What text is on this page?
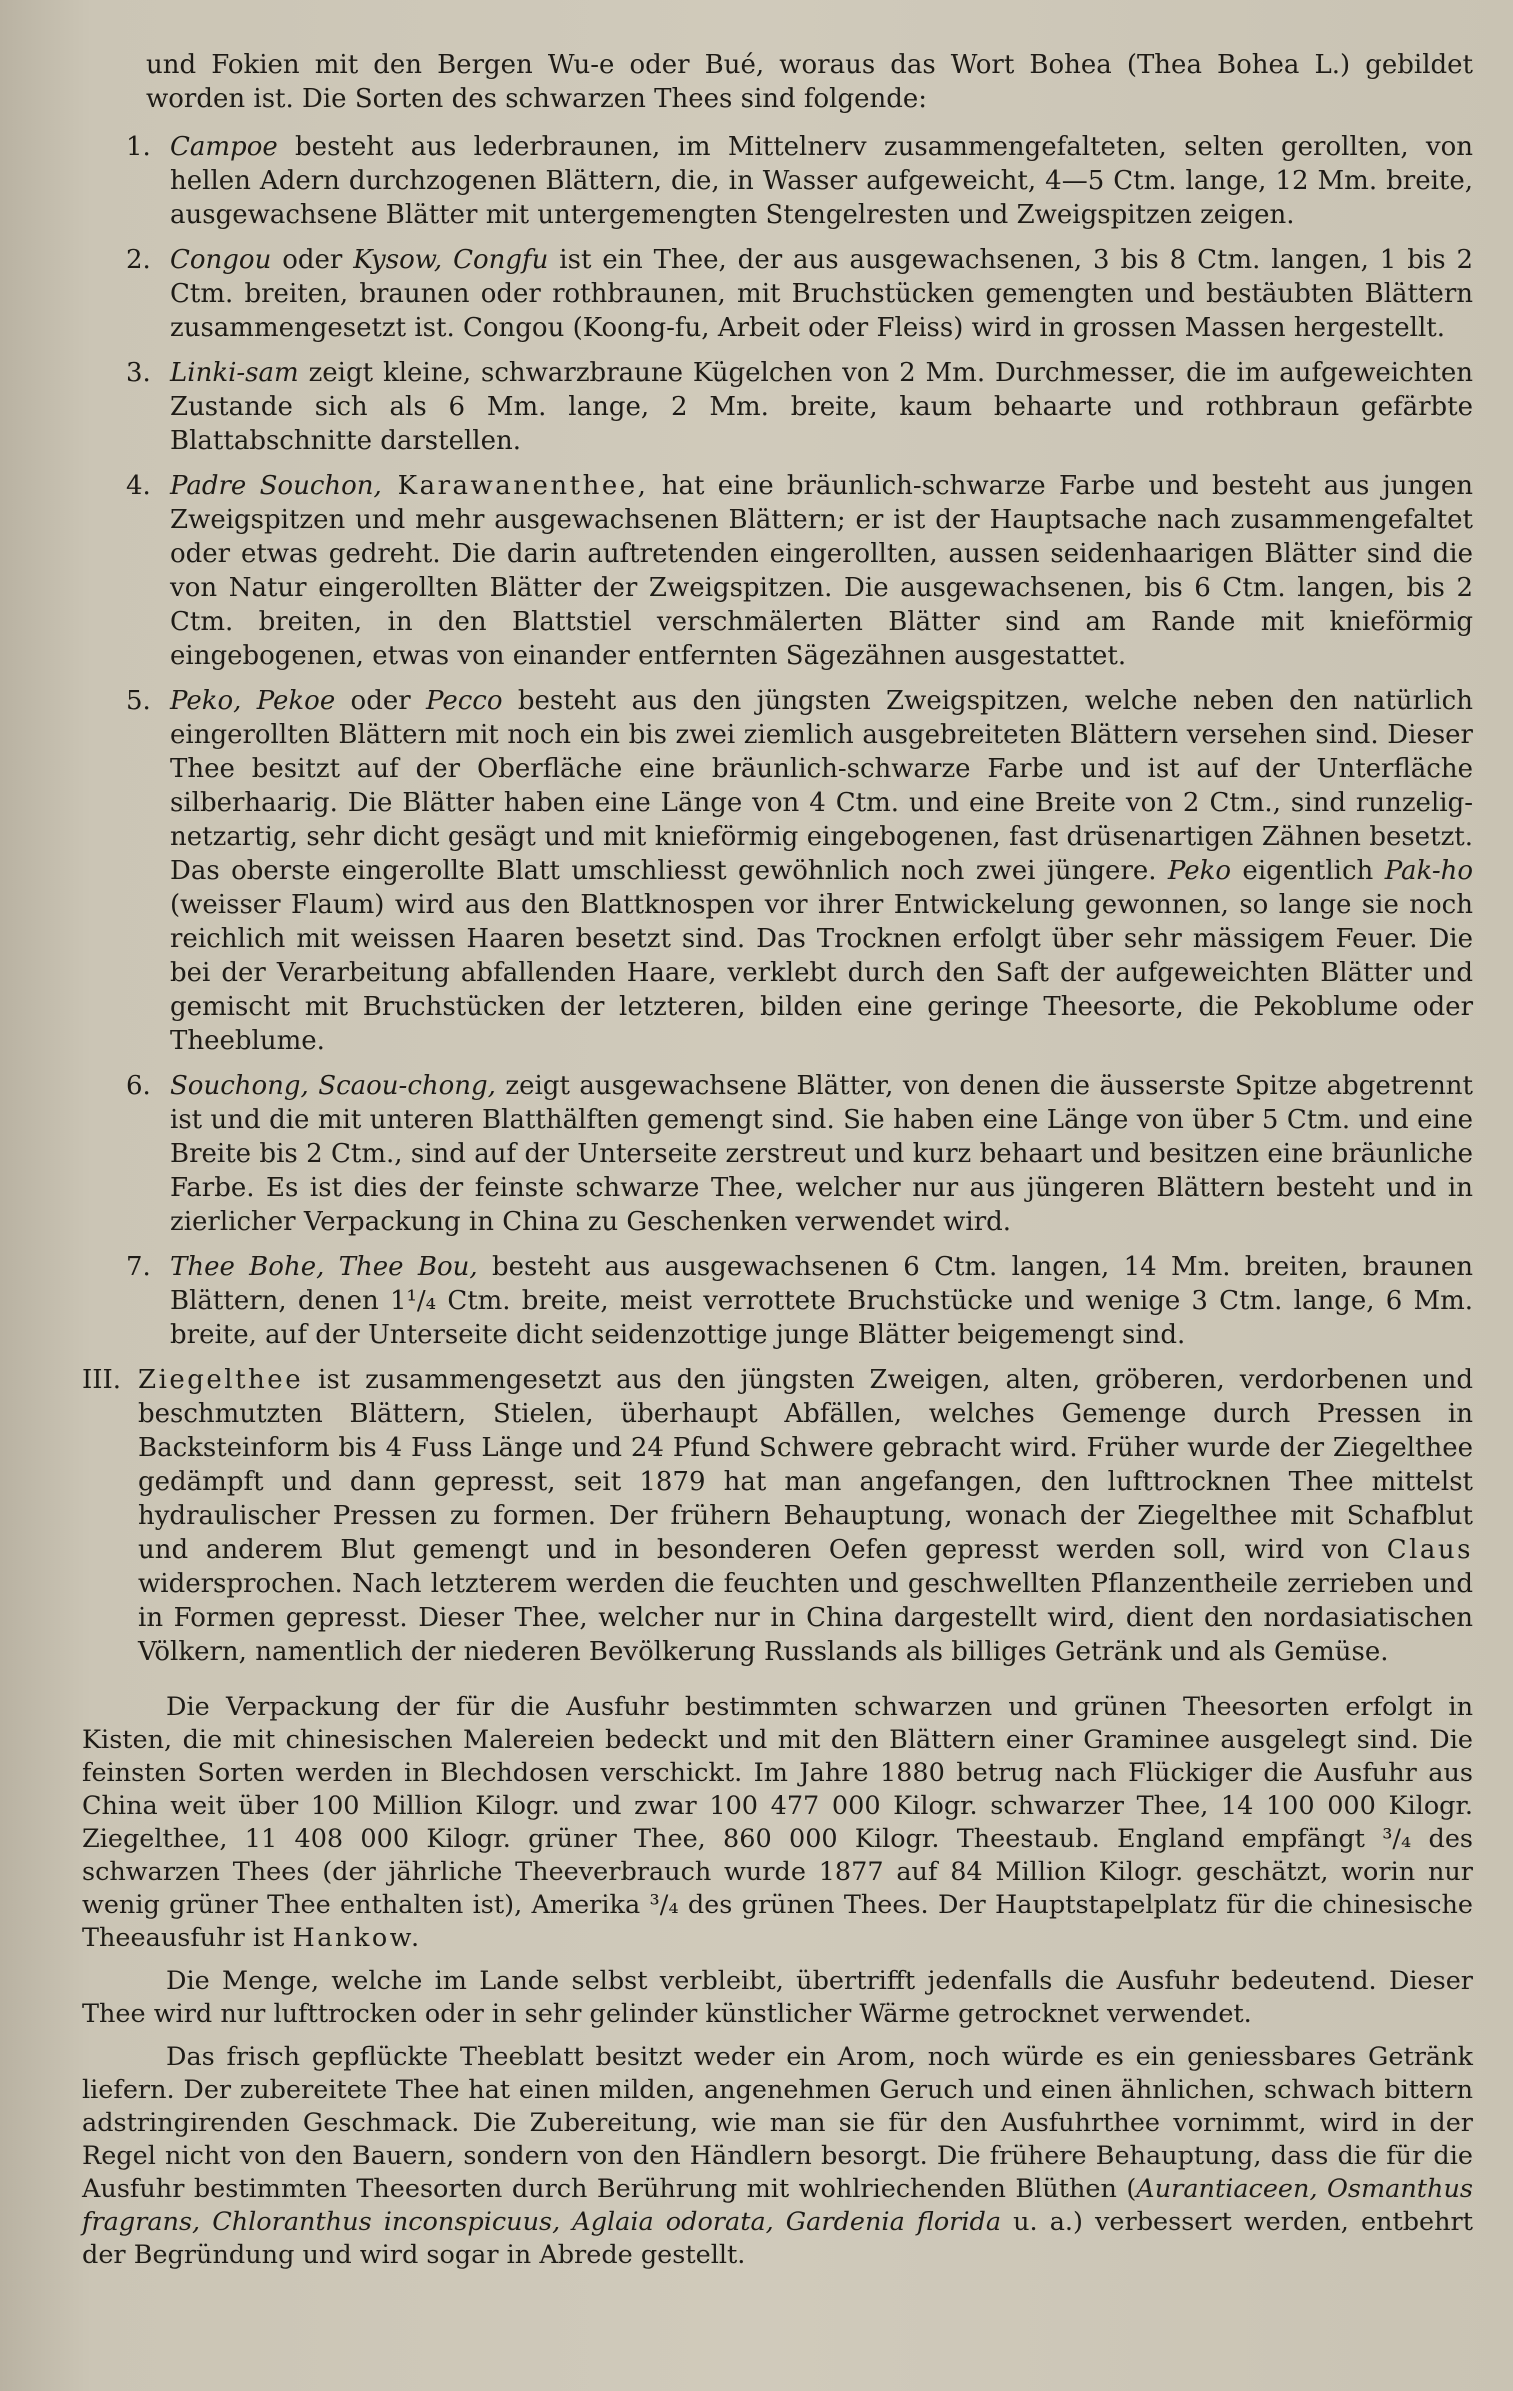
und Fokien mit den Bergen Wu-e oder Bué, woraus das Wort Bohea (Thea Bohea L.) gebildet worden ist. Die Sorten des schwarzen Thees sind folgende:

1. Campoe besteht aus lederbraunen, im Mittelnerv zusammengefalteten, selten gerollten, von hellen Adern durchzogenen Blättern, die, in Wasser aufgeweicht, 4—5 Ctm. lange, 12 Mm. breite, ausgewachsene Blätter mit untergemengten Stengelresten und Zweigspitzen zeigen.
2. Congou oder Kysow, Congfu ist ein Thee, der aus ausgewachsenen, 3 bis 8 Ctm. langen, 1 bis 2 Ctm. breiten, braunen oder rothbraunen, mit Bruchstücken gemengten und bestäubten Blättern zusammengesetzt ist. Congou (Koong-fu, Arbeit oder Fleiss) wird in grossen Massen hergestellt.
3. Linki-sam zeigt kleine, schwarzbraune Kügelchen von 2 Mm. Durchmesser, die im aufgeweichten Zustande sich als 6 Mm. lange, 2 Mm. breite, kaum behaarte und rothbraun gefärbte Blattabschnitte darstellen.
4. Padre Souchon, Karawanenthee, hat eine bräunlich-schwarze Farbe und besteht aus jungen Zweigspitzen und mehr ausgewachsenen Blättern; er ist der Hauptsache nach zusammengefaltet oder etwas gedreht. Die darin auftretenden eingerollten, aussen seidenhaarigen Blätter sind die von Natur eingerollten Blätter der Zweigspitzen. Die ausgewachsenen, bis 6 Ctm. langen, bis 2 Ctm. breiten, in den Blattstiel verschmälerten Blätter sind am Rande mit knieförmig eingebogenen, etwas von einander entfernten Sägezähnen ausgestattet.
5. Peko, Pekoe oder Pecco besteht aus den jüngsten Zweigspitzen, welche neben den natürlich eingerollten Blättern mit noch ein bis zwei ziemlich ausgebreiteten Blättern versehen sind. Dieser Thee besitzt auf der Oberfläche eine bräunlich-schwarze Farbe und ist auf der Unterfläche silberhaarig. Die Blätter haben eine Länge von 4 Ctm. und eine Breite von 2 Ctm., sind runzelig-netzartig, sehr dicht gesägt und mit knieförmig eingebogenen, fast drüsenartigen Zähnen besetzt. Das oberste eingerollte Blatt umschliesst gewöhnlich noch zwei jüngere. Peko eigentlich Pak-ho (weisser Flaum) wird aus den Blattknospen vor ihrer Entwickelung gewonnen, so lange sie noch reichlich mit weissen Haaren besetzt sind. Das Trocknen erfolgt über sehr mässigem Feuer. Die bei der Verarbeitung abfallenden Haare, verklebt durch den Saft der aufgeweichten Blätter und gemischt mit Bruchstücken der letzteren, bilden eine geringe Theesorte, die Pekoblume oder Theeblume.
6. Souchong, Scaou-chong, zeigt ausgewachsene Blätter, von denen die äusserste Spitze abgetrennt ist und die mit unteren Blatthälften gemengt sind. Sie haben eine Länge von über 5 Ctm. und eine Breite bis 2 Ctm., sind auf der Unterseite zerstreut und kurz behaart und besitzen eine bräunliche Farbe. Es ist dies der feinste schwarze Thee, welcher nur aus jüngeren Blättern besteht und in zierlicher Verpackung in China zu Geschenken verwendet wird.
7. Thee Bohe, Thee Bou, besteht aus ausgewachsenen 6 Ctm. langen, 14 Mm. breiten, braunen Blättern, denen 1¹/₄ Ctm. breite, meist verrottete Bruchstücke und wenige 3 Ctm. lange, 6 Mm. breite, auf der Unterseite dicht seidenzottige junge Blätter beigemengt sind.
III. Ziegelthee ist zusammengesetzt aus den jüngsten Zweigen, alten, gröberen, verdorbenen und beschmutzten Blättern, Stielen, überhaupt Abfällen, welches Gemenge durch Pressen in Backsteinform bis 4 Fuss Länge und 24 Pfund Schwere gebracht wird. Früher wurde der Ziegelthee gedämpft und dann gepresst, seit 1879 hat man angefangen, den lufttrocknen Thee mittelst hydraulischer Pressen zu formen. Der frühern Behauptung, wonach der Ziegelthee mit Schafblut und anderem Blut gemengt und in besonderen Oefen gepresst werden soll, wird von Claus widersprochen. Nach letzterem werden die feuchten und geschwellten Pflanzentheile zerrieben und in Formen gepresst. Dieser Thee, welcher nur in China dargestellt wird, dient den nordasiatischen Völkern, namentlich der niederen Bevölkerung Russlands als billiges Getränk und als Gemüse.

Die Verpackung der für die Ausfuhr bestimmten schwarzen und grünen Theesorten erfolgt in Kisten, die mit chinesischen Malereien bedeckt und mit den Blättern einer Graminee ausgelegt sind. Die feinsten Sorten werden in Blechdosen verschickt. Im Jahre 1880 betrug nach Flückiger die Ausfuhr aus China weit über 100 Million Kilogr. und zwar 100 477 000 Kilogr. schwarzer Thee, 14 100 000 Kilogr. Ziegelthee, 11 408 000 Kilogr. grüner Thee, 860 000 Kilogr. Theestaub. England empfängt ³/₄ des schwarzen Thees (der jährliche Theeverbrauch wurde 1877 auf 84 Million Kilogr. geschätzt, worin nur wenig grüner Thee enthalten ist), Amerika ³/₄ des grünen Thees. Der Hauptstapelplatz für die chinesische Theeausfuhr ist Hankow.

Die Menge, welche im Lande selbst verbleibt, übertrifft jedenfalls die Ausfuhr bedeutend. Dieser Thee wird nur lufttrocken oder in sehr gelinder künstlicher Wärme getrocknet verwendet.

Das frisch gepflückte Theeblatt besitzt weder ein Arom, noch würde es ein geniessbares Getränk liefern. Der zubereitete Thee hat einen milden, angenehmen Geruch und einen ähnlichen, schwach bittern adstringirenden Geschmack. Die Zubereitung, wie man sie für den Ausfuhrthee vornimmt, wird in der Regel nicht von den Bauern, sondern von den Händlern besorgt. Die frühere Behauptung, dass die für die Ausfuhr bestimmten Theesorten durch Berührung mit wohlriechenden Blüthen (Aurantiaceen, Osmanthus fragrans, Chloranthus inconspicuus, Aglaia odorata, Gardenia florida u. a.) verbessert werden, entbehrt der Begründung und wird sogar in Abrede gestellt.
